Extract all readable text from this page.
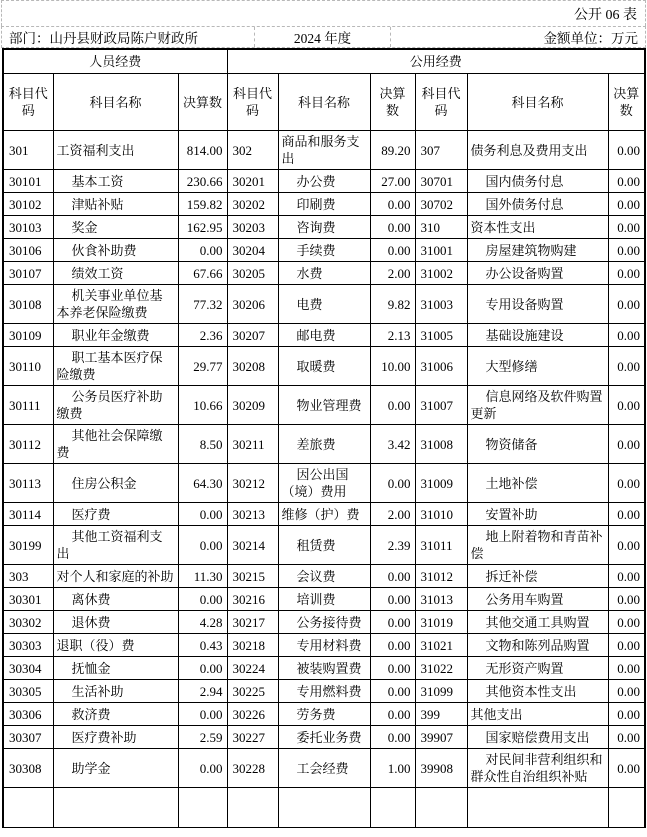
公开 06 表
部门：山丹县财政局陈户财政所	2024 年度	金额单位：万元
人员经费			公用经费					
科目代码	科目名称	决算数	科目代码	科目名称	决算数	科目代码	科目名称	决算数
301	工资福利支出	814.00	302	商品和服务支出	89.20	307	债务利息及费用支出	0.00
30101	基本工资	230.66	30201	办公费	27.00	30701	国内债务付息	0.00
30102	津贴补贴	159.82	30202	印刷费	0.00	30702	国外债务付息	0.00
30103	奖金	162.95	30203	咨询费	0.00	310	资本性支出	0.00
30106	伙食补助费	0.00	30204	手续费	0.00	31001	房屋建筑物购建	0.00
30107	绩效工资	67.66	30205	水费	2.00	31002	办公设备购置	0.00
30108	机关事业单位基本养老保险缴费	77.32	30206	电费	9.82	31003	专用设备购置	0.00
30109	职业年金缴费	2.36	30207	邮电费	2.13	31005	基础设施建设	0.00
30110	职工基本医疗保险缴费	29.77	30208	取暖费	10.00	31006	大型修缮	0.00
30111	公务员医疗补助缴费	10.66	30209	物业管理费	0.00	31007	信息网络及软件购置更新	0.00
30112	其他社会保障缴费	8.50	30211	差旅费	3.42	31008	物资储备	0.00
30113	住房公积金	64.30	30212	因公出国（境）费用	0.00	31009	土地补偿	0.00
30114	医疗费	0.00	30213	维修（护）费	2.00	31010	安置补助	0.00
30199	其他工资福利支出	0.00	30214	租赁费	2.39	31011	地上附着物和青苗补偿	0.00
303	对个人和家庭的补助	11.30	30215	会议费	0.00	31012	拆迁补偿	0.00
30301	离休费	0.00	30216	培训费	0.00	31013	公务用车购置	0.00
30302	退休费	4.28	30217	公务接待费	0.00	31019	其他交通工具购置	0.00
30303	退职（役）费	0.43	30218	专用材料费	0.00	31021	文物和陈列品购置	0.00
30304	抚恤金	0.00	30224	被装购置费	0.00	31022	无形资产购置	0.00
30305	生活补助	2.94	30225	专用燃料费	0.00	31099	其他资本性支出	0.00
30306	救济费	0.00	30226	劳务费	0.00	399	其他支出	0.00
30307	医疗费补助	2.59	30227	委托业务费	0.00	39907	国家赔偿费用支出	0.00
30308	助学金	0.00	30228	工会经费	1.00	39908	对民间非营利组织和群众性自治组织补贴	0.00
